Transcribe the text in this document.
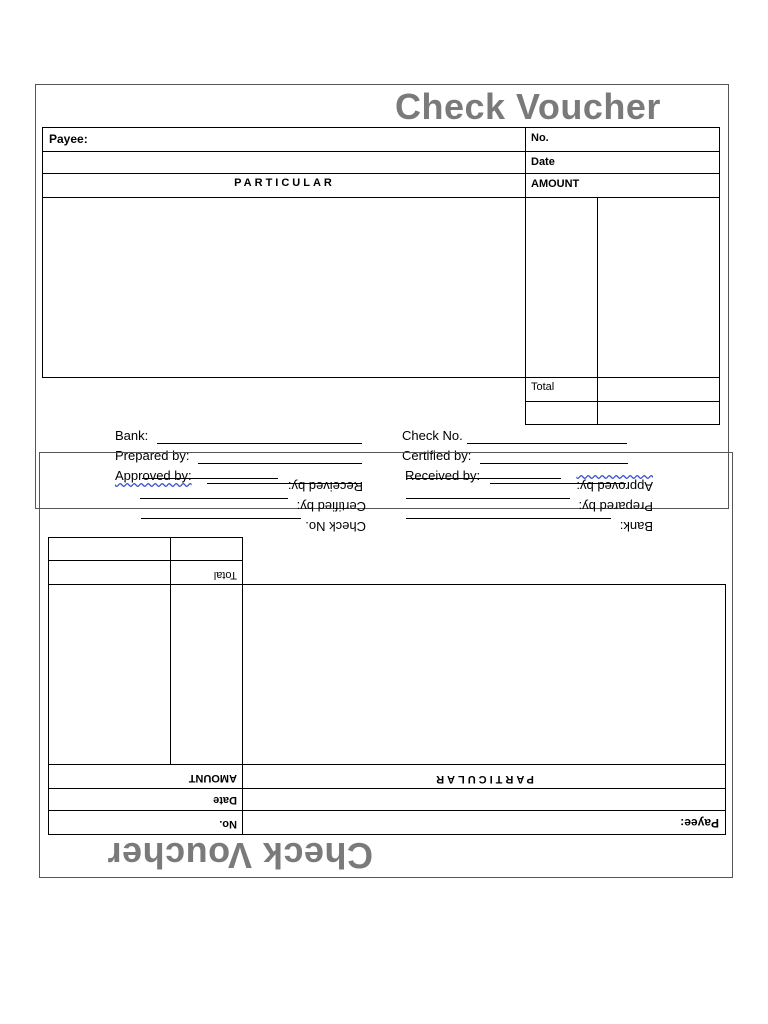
Check Voucher
Payee:	No.
Date
PARTICULAR	AMOUNT
Total
Bank:
Prepared by:
Approved by:
Check No.
Certified by:
Received by:
Check Voucher
Payee:
No.
Date
PARTICULAR
AMOUNT
Total
Bank:
Prepared by:
Approved by:
Check No.
Certified by:
Received by:
